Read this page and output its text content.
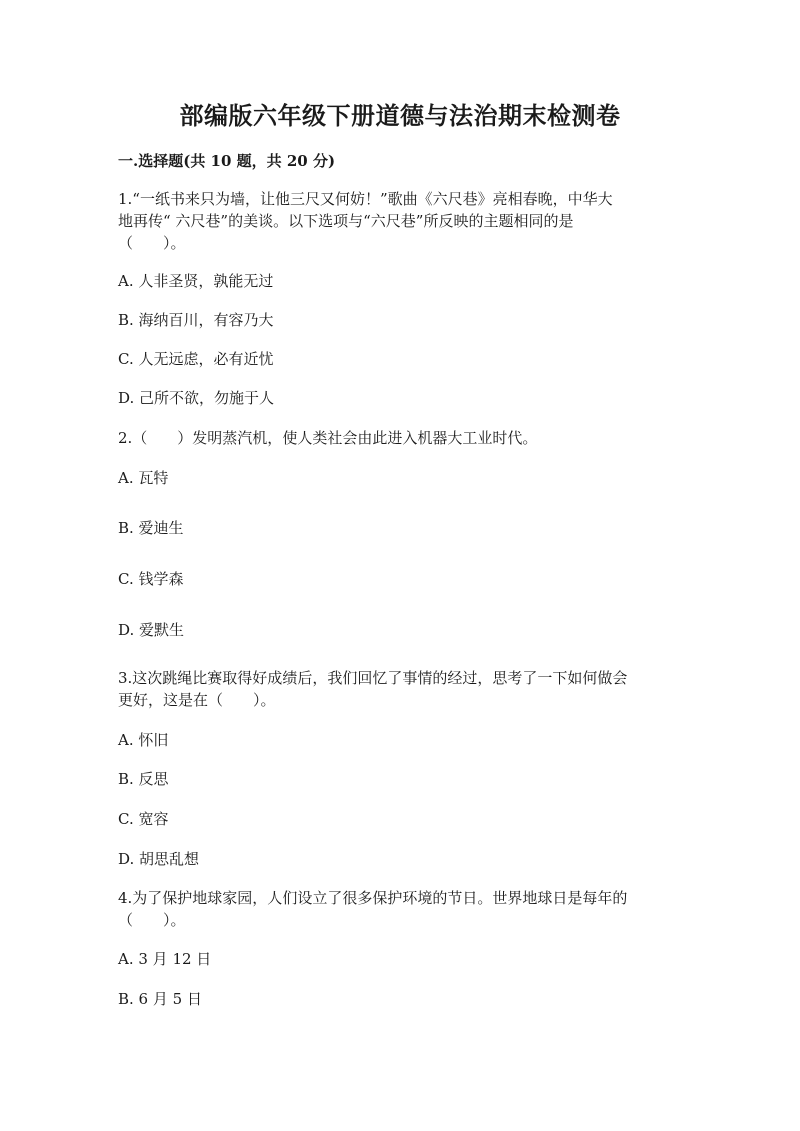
部编版六年级下册道德与法治期末检测卷
一.选择题(共 10 题，共 20 分)
1.“一纸书来只为墙，让他三尺又何妨！”歌曲《六尺巷》亮相春晚，中华大
地再传“ 六尺巷”的美谈。以下选项与“六尺巷”所反映的主题相同的是
（　　）。
A. 人非圣贤，孰能无过
B. 海纳百川，有容乃大
C. 人无远虑，必有近忧
D. 己所不欲，勿施于人
2.（　　）发明蒸汽机，使人类社会由此进入机器大工业时代。
A. 瓦特
B. 爱迪生
C. 钱学森
D. 爱默生
3.这次跳绳比赛取得好成绩后，我们回忆了事情的经过，思考了一下如何做会
更好，这是在（　　）。
A. 怀旧
B. 反思
C. 宽容
D. 胡思乱想
4.为了保护地球家园，人们设立了很多保护环境的节日。世界地球日是每年的
（　　）。
A. 3 月 12 日
B. 6 月 5 日
